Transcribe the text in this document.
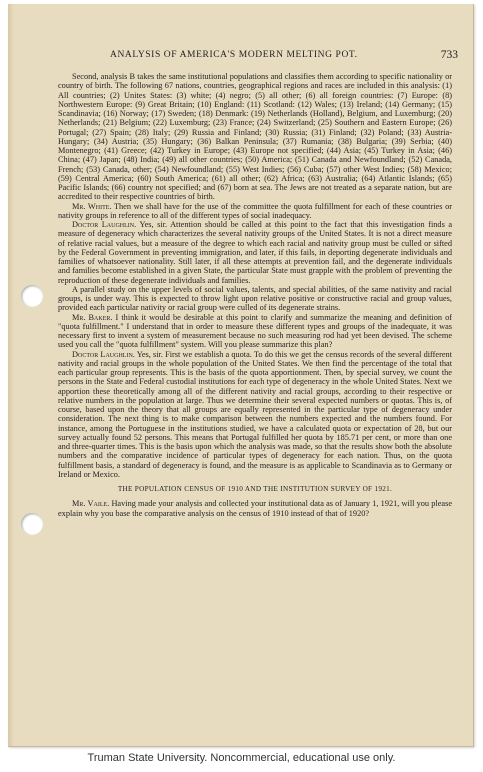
ANALYSIS OF AMERICA'S MODERN MELTING POT.	733

Second, analysis B takes the same institutional populations and classifies them according to specific nationality or country of birth. The following 67 nations, countries, geographical regions and races are included in this analysis: (1) All countries; (2) Unites States: (3) white; (4) negro; (5) all other; (6) all foreign countries: (7) Europe: (8) Northwestern Europe: (9) Great Britain; (10) England: (11) Scotland: (12) Wales; (13) Ireland; (14) Germany; (15) Scandinavia; (16) Norway; (17) Sweden; (18) Denmark: (19) Netherlands (Holland), Belgium, and Luxemburg; (20) Netherlands; (21) Belgium; (22) Luxemburg; (23) France; (24) Switzerland; (25) Southern and Eastern Europe; (26) Portugal; (27) Spain; (28) Italy; (29) Russia and Finland; (30) Russia; (31) Finland; (32) Poland; (33) Austria-Hungary; (34) Austria; (35) Hungary; (36) Balkan Peninsula; (37) Rumania; (38) Bulgaria; (39) Serbia; (40) Montenegro; (41) Greece; (42) Turkey in Europe; (43) Europe not specified; (44) Asia; (45) Turkey in Asia; (46) China; (47) Japan; (48) India; (49) all other countries; (50) America; (51) Canada and Newfoundland; (52) Canada, French; (53) Canada, other; (54) Newfoundland; (55) West Indies; (56) Cuba; (57) other West Indies; (58) Mexico; (59) Central America; (60) South America; (61) all other; (62) Africa; (63) Australia; (64) Atlantic Islands; (65) Pacific Islands; (66) country not specified; and (67) born at sea. The Jews are not treated as a separate nation, but are accredited to their respective countries of birth.

Mr. White. Then we shall have for the use of the committee the quota fulfillment for each of these countries or nativity groups in reference to all of the different types of social inadequacy.

Doctor Laughlin. Yes, sir. Attention should be called at this point to the fact that this investigation finds a measure of degeneracy which characterizes the several nativity groups of the United States. It is not a direct measure of relative racial values, but a measure of the degree to which each racial and nativity group must be culled or sifted by the Federal Government in preventing immigration, and later, if this fails, in deporting degenerate individuals and families of whatsoever nationality. Still later, if all these attempts at prevention fail, and the degenerate individuals and families become established in a given State, the particular State must grapple with the problem of preventing the reproduction of these degenerate individuals and families.

A parallel study on the upper levels of social values, talents, and special abilities, of the same nativity and racial groups, is under way. This is expected to throw light upon relative positive or constructive racial and group values, provided each particular nativity or racial group were culled of its degenerate strains.

Mr. Baker. I think it would be desirable at this point to clarify and summarize the meaning and definition of "quota fulfillment." I understand that in order to measure these different types and groups of the inadequate, it was necessary first to invent a system of measurement because no such measuring rod had yet been devised. The scheme used you call the "quota fulfillment" system. Will you please summarize this plan?

Doctor Laughlin. Yes, sir. First we establish a quota. To do this we get the census records of the several different nativity and racial groups in the whole population of the United States. We then find the percentage of the total that each particular group represents. This is the basis of the quota apportionment. Then, by special survey, we count the persons in the State and Federal custodial institutions for each type of degeneracy in the whole United States. Next we apportion these theoretically among all of the different nativity and racial groups, according to their respective or relative numbers in the population at large. Thus we determine their several expected numbers or quotas. This is, of course, based upon the theory that all groups are equally represented in the particular type of degeneracy under consideration. The next thing is to make comparison between the numbers expected and the numbers found. For instance, among the Portuguese in the institutions studied, we have a calculated quota or expectation of 28, but our survey actually found 52 persons. This means that Portugal fulfilled her quota by 185.71 per cent, or more than one and three-quarter times. This is the basis upon which the analysis was made, so that the results show both the absolute numbers and the comparative incidence of particular types of degeneracy for each nation. Thus, on the quota fulfillment basis, a standard of degeneracy is found, and the measure is as applicable to Scandinavia as to Germany or Ireland or Mexico.

THE POPULATION CENSUS OF 1910 AND THE INSTITUTION SURVEY OF 1921.

Mr. Vaile. Having made your analysis and collected your institutional data as of January 1, 1921, will you please explain why you base the comparative analysis on the census of 1910 instead of that of 1920?

Truman State University. Noncommercial, educational use only.
